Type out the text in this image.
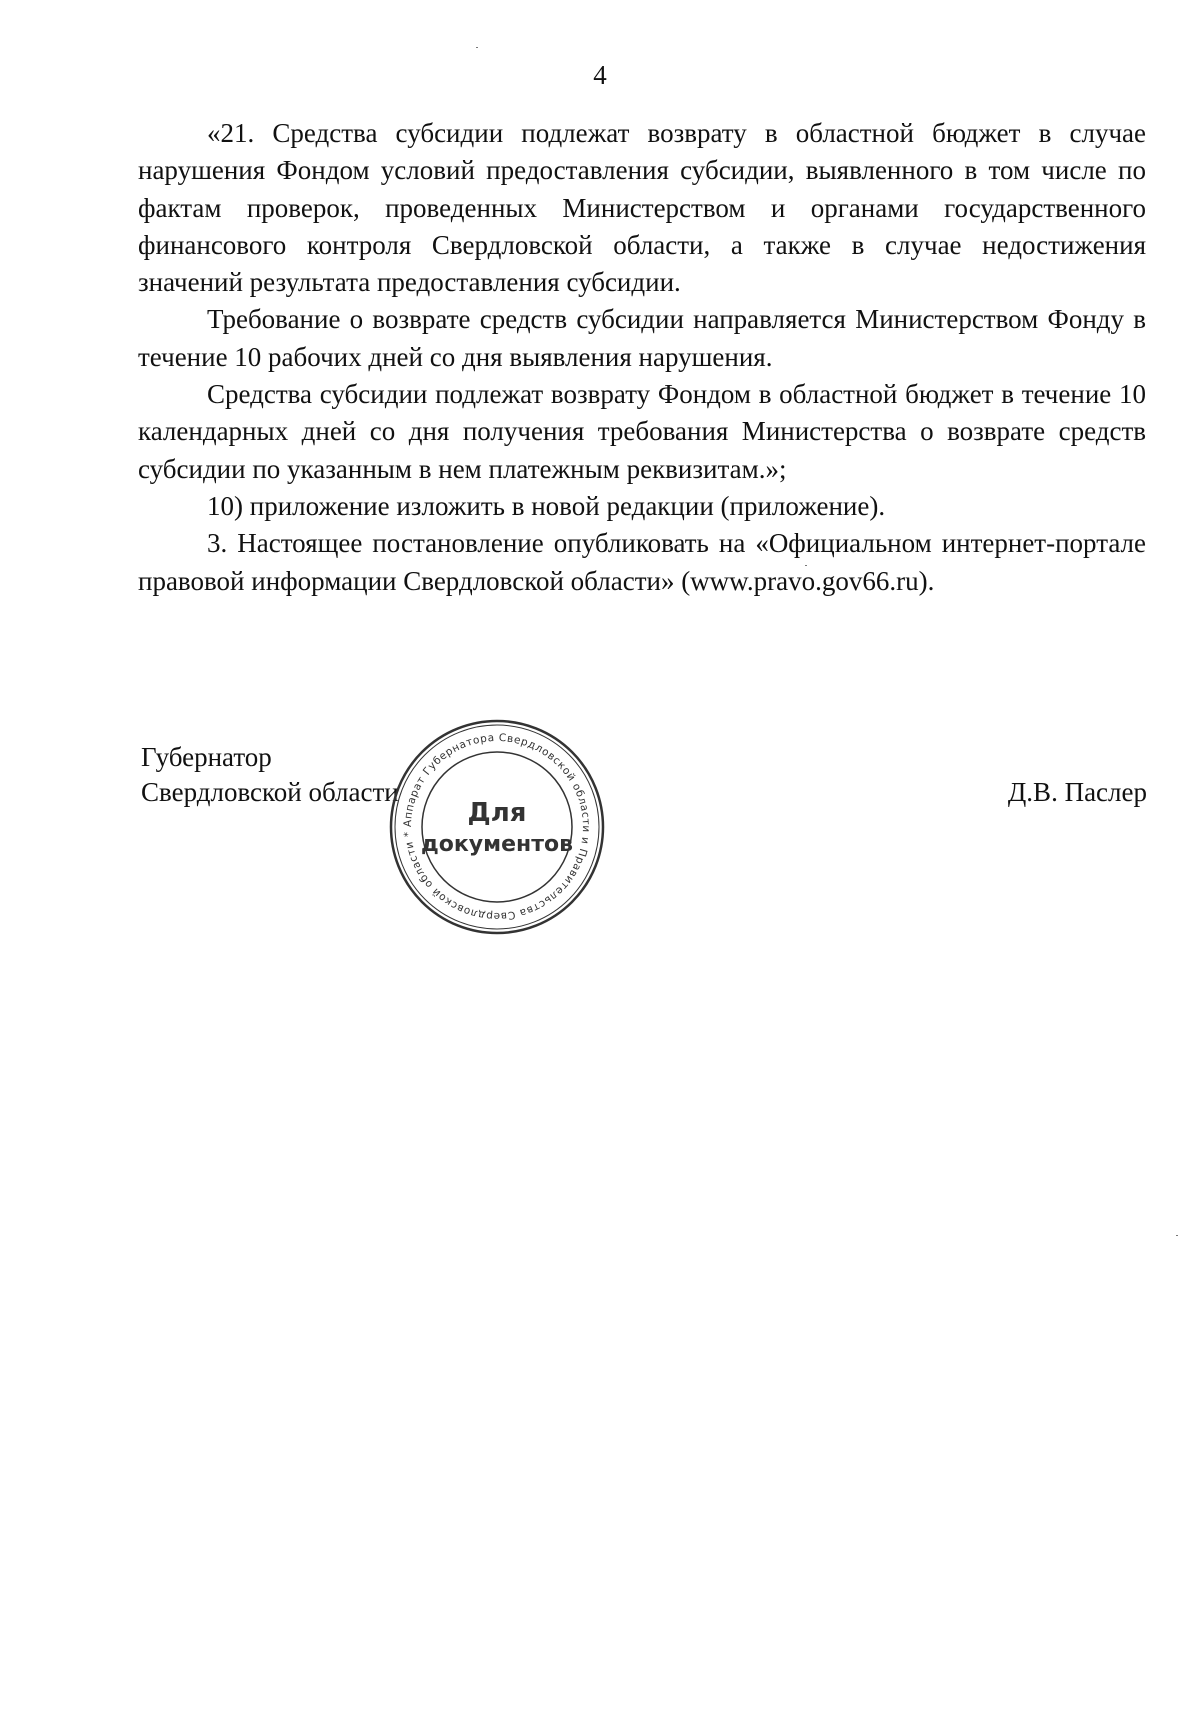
4

«21. Средства субсидии подлежат возврату в областной бюджет в случае нарушения Фондом условий предоставления субсидии, выявленного в том числе по фактам проверок, проведенных Министерством и органами государственного финансового контроля Свердловской области, а также в случае недостижения значений результата предоставления субсидии.

Требование о возврате средств субсидии направляется Министерством Фонду в течение 10 рабочих дней со дня выявления нарушения.

Средства субсидии подлежат возврату Фондом в областной бюджет в течение 10 календарных дней со дня получения требования Министерства о возврате средств субсидии по указанным в нем платежным реквизитам.»;

10) приложение изложить в новой редакции (приложение).

3. Настоящее постановление опубликовать на «Официальном интернет-портале правовой информации Свердловской области» (www.pravo.gov66.ru).

Губернатор
Свердловской области	Д.В. Паслер
Аппарат Губернатора Свердловской области и Правительства Свердловской области *
Для
документов
